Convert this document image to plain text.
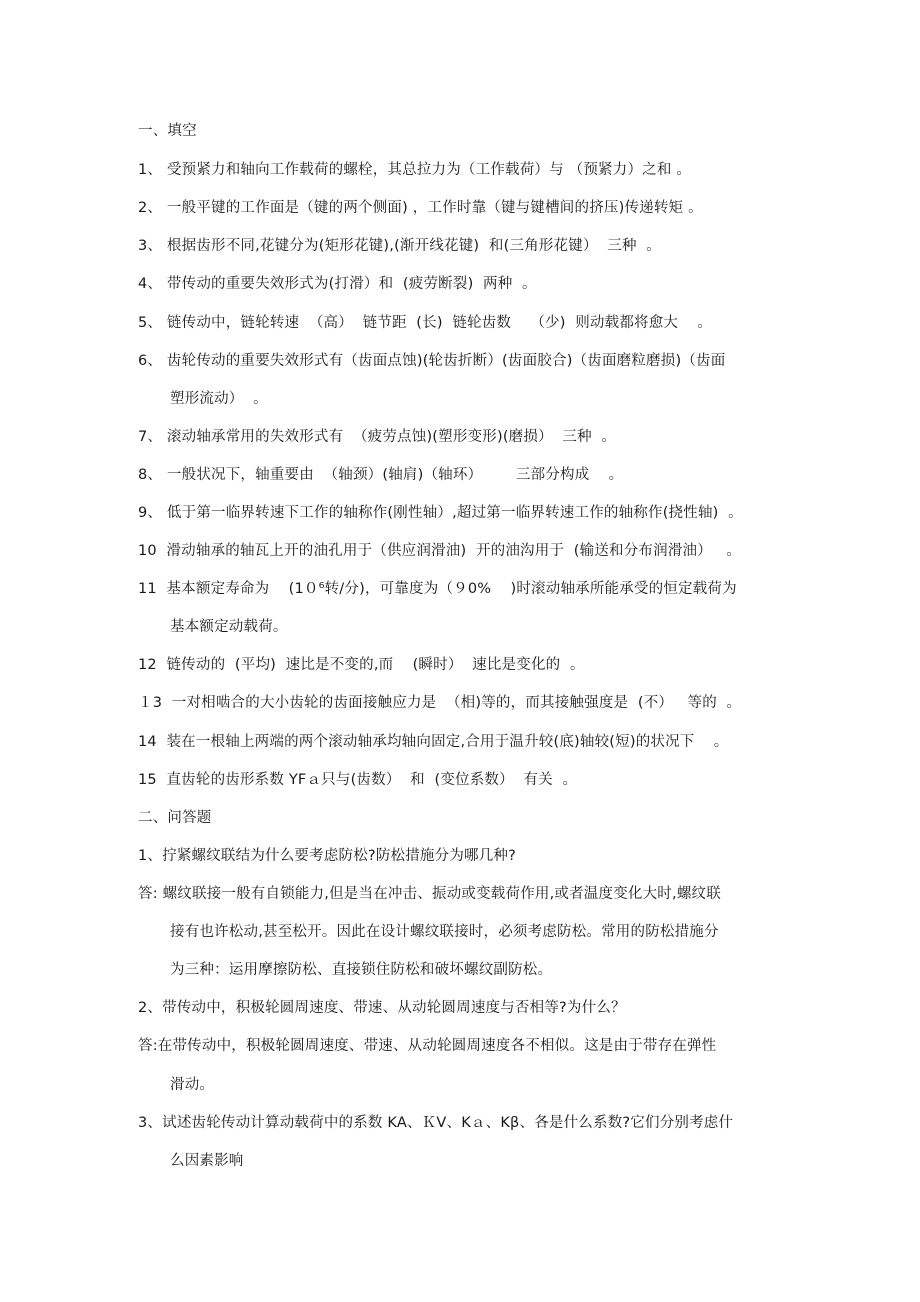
一、填空
1、 受预紧力和轴向工作载荷的螺栓，其总拉力为（工作载荷）与 （预紧力）之和 。
2、 一般平键的工作面是（键的两个侧面) ，工作时靠（键与键槽间的挤压)传递转矩 。
3、 根据齿形不同,花键分为(矩形花键),(渐开线花键)  和(三角形花键）  三种  。
4、 带传动的重要失效形式为(打滑）和  (疲劳断裂)  两种  。
5、 链传动中，链轮转速  （高）  链节距  (长)  链轮齿数    （少)  则动载都将愈大    。
6、 齿轮传动的重要失效形式有（齿面点蚀)(轮齿折断）(齿面胶合)（齿面磨粒磨损)（齿面
塑形流动）  。
7、 滚动轴承常用的失效形式有  （疲劳点蚀)(塑形变形)(磨损）  三种  。
8、 一般状况下，轴重要由  （轴颈）(轴肩)（轴环）       三部分构成    。
9、 低于第一临界转速下工作的轴称作(刚性轴）,超过第一临界转速工作的轴称作(挠性轴)  。
10  滑动轴承的轴瓦上开的油孔用于（供应润滑油)  开的油沟用于  (输送和分布润滑油）   。
11  基本额定寿命为    (1０⁶转/分)，可靠度为（９0%    )时滚动轴承所能承受的恒定载荷为
基本额定动载荷。
12  链传动的  (平均)  速比是不变的,而    (瞬时）  速比是变化的  。
１3  一对相啮合的大小齿轮的齿面接触应力是  （相)等的，而其接触强度是  (不）   等的  。
14  装在一根轴上两端的两个滚动轴承均轴向固定,合用于温升较(底)轴较(短)的状况下    。
15  直齿轮的齿形系数 YFａ只与(齿数）  和  (变位系数）  有关  。
二、问答题
1、拧紧螺纹联结为什么要考虑防松?防松措施分为哪几种?
答: 螺纹联接一般有自锁能力,但是当在冲击、振动或变载荷作用,或者温度变化大时,螺纹联
接有也许松动,甚至松开。因此在设计螺纹联接时，必须考虑防松。常用的防松措施分
为三种：运用摩擦防松、直接锁住防松和破坏螺纹副防松。
2、带传动中，积极轮圆周速度、带速、从动轮圆周速度与否相等?为什么？
答:在带传动中，积极轮圆周速度、带速、从动轮圆周速度各不相似。这是由于带存在弹性
滑动。
3、试述齿轮传动计算动载荷中的系数 KA、ＫV、Kａ、Kβ、各是什么系数?它们分别考虑什
么因素影响
